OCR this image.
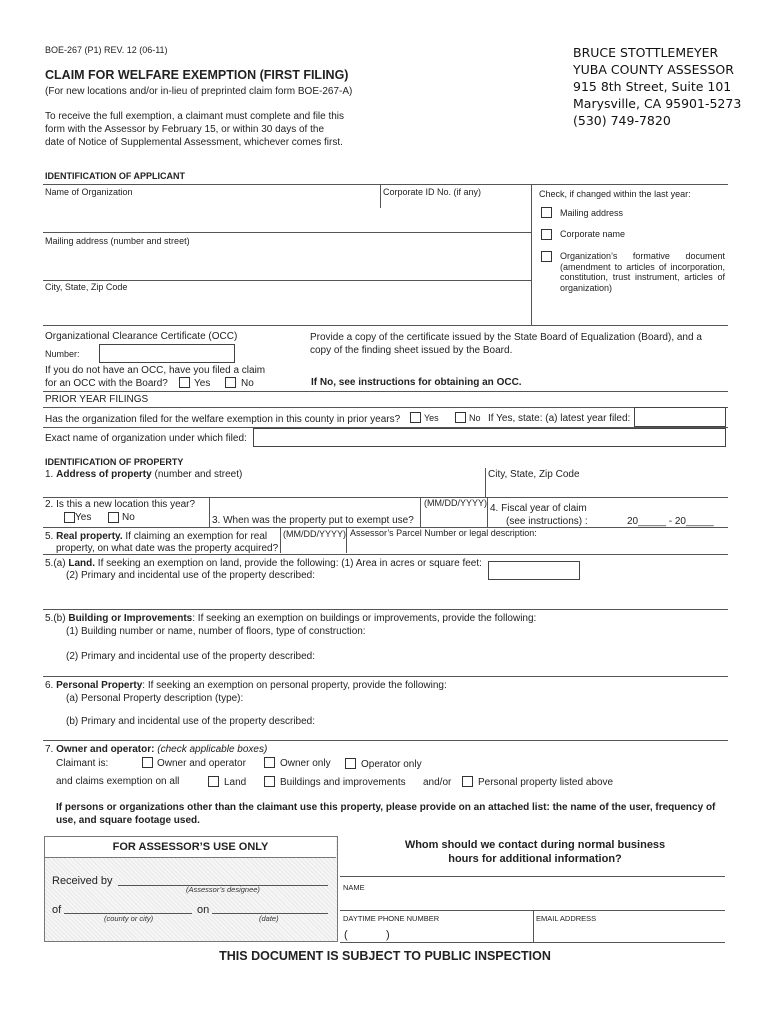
BOE-267 (P1) REV. 12 (06-11)
CLAIM FOR WELFARE EXEMPTION (FIRST FILING)
(For new locations and/or in-lieu of preprinted claim form BOE-267-A)
To receive the full exemption, a claimant must complete and file this form with the Assessor by February 15, or within 30 days of the date of Notice of Supplemental Assessment, whichever comes first.
BRUCE STOTTLEMEYER
YUBA COUNTY ASSESSOR
915 8th Street, Suite 101
Marysville, CA 95901-5273
(530) 749-7820
IDENTIFICATION OF APPLICANT
Name of Organization	Corporate ID No. (if any)	Check, if changed within the last year:
Mailing address
Corporate name
Organization’s formative document (amendment to articles of incorporation, constitution, trust instrument, articles of organization)
Mailing address (number and street)
City, State, Zip Code
Organizational Clearance Certificate (OCC)
Number:
Provide a copy of the certificate issued by the State Board of Equalization (Board), and a copy of the finding sheet issued by the Board.
If you do not have an OCC, have you filed a claim
for an OCC with the Board?	Yes	No	If No, see instructions for obtaining an OCC.
PRIOR YEAR FILINGS
Has the organization filed for the welfare exemption in this county in prior years?	Yes	No If Yes, state: (a) latest year filed:
Exact name of organization under which filed:
IDENTIFICATION OF PROPERTY
1. Address of property (number and street)	City, State, Zip Code
2. Is this a new location this year?
Yes	No	3. When was the property put to exempt use?
(MM/DD/YYYY) 4. Fiscal year of claim
(see instructions) :	20_____ - 20_____
5. Real property. If claiming an exemption for real
property, on what date was the property acquired?
(MM/DD/YYYY) Assessor’s Parcel Number or legal description:
5.(a) Land. If seeking an exemption on land, provide the following: (1) Area in acres or square feet:
(2) Primary and incidental use of the property described:
5.(b) Building or Improvements: If seeking an exemption on buildings or improvements, provide the following:
(1) Building number or name, number of floors, type of construction:
(2) Primary and incidental use of the property described:
6. Personal Property: If seeking an exemption on personal property, provide the following:
(a) Personal Property description (type):
(b) Primary and incidental use of the property described:
7. Owner and operator: (check applicable boxes)
Claimant is:	Owner and operator	Owner only	Operator only
and claims exemption on all	Land	Buildings and improvements and/or	Personal property listed above
If persons or organizations other than the claimant use this property, please provide on an attached list: the name of the user, frequency of use, and square footage used.
FOR ASSESSOR’S USE ONLY
Received by
(Assessor’s designee)
of
(county or city)
on
(date)
Whom should we contact during normal business
hours for additional information?
NAME
DAYTIME PHONE NUMBER
(	)
EMAIL ADDRESS
THIS DOCUMENT IS SUBJECT TO PUBLIC INSPECTION
